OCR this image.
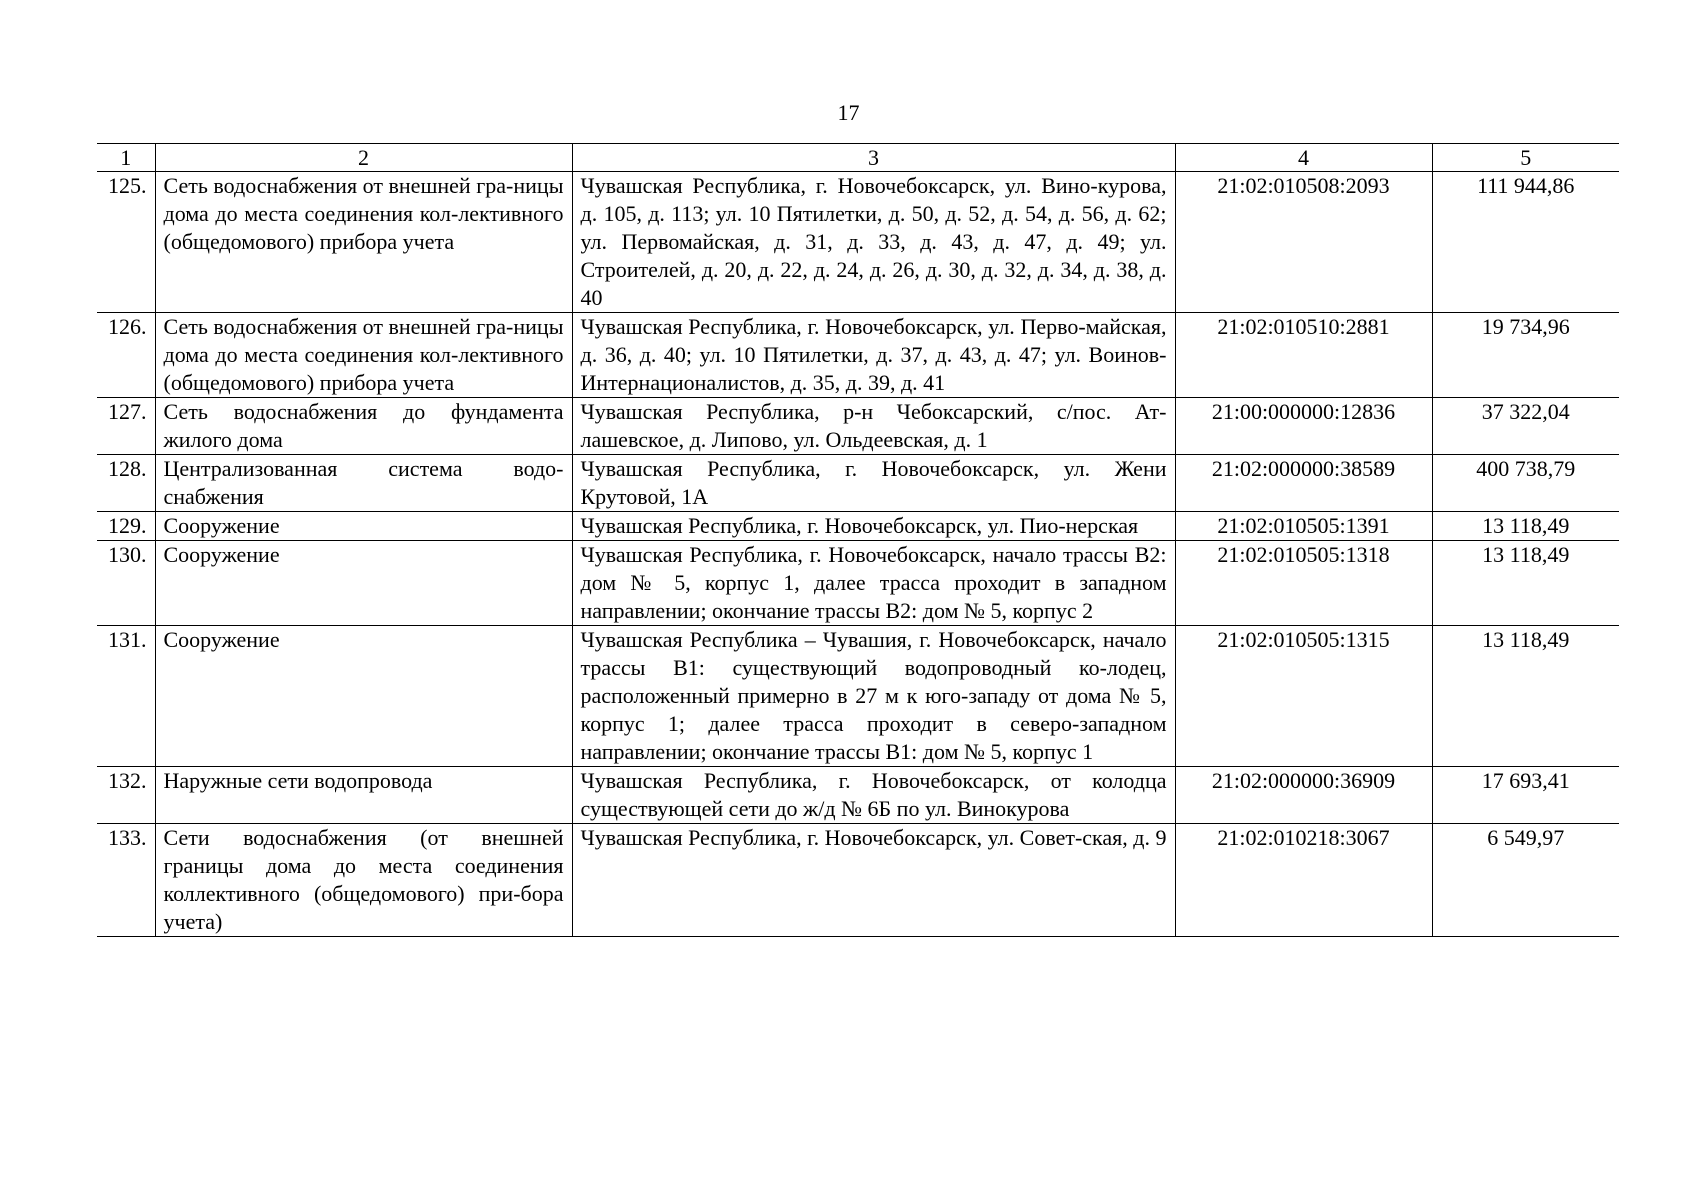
17
1	2	3	4	5
125.	Сеть водоснабжения от внешней гра-ницы дома до места соединения кол-лективного (общедомового) прибора учета	Чувашская Республика, г. Новочебоксарск, ул. Вино-курова, д. 105, д. 113; ул. 10 Пятилетки, д. 50, д. 52, д. 54, д. 56, д. 62; ул. Первомайская, д. 31, д. 33, д. 43, д. 47, д. 49; ул. Строителей, д. 20, д. 22, д. 24, д. 26, д. 30, д. 32, д. 34, д. 38, д. 40	21:02:010508:2093	111 944,86
126.	Сеть водоснабжения от внешней гра-ницы дома до места соединения кол-лективного (общедомового) прибора учета	Чувашская Республика, г. Новочебоксарск, ул. Перво-майская, д. 36, д. 40; ул. 10 Пятилетки, д. 37, д. 43, д. 47; ул. Воинов-Интернационалистов, д. 35, д. 39, д. 41	21:02:010510:2881	19 734,96
127.	Сеть водоснабжения до фундамента жилого дома	Чувашская Республика, р-н Чебоксарский, с/пос. Ат-лашевское, д. Липово, ул. Ольдеевская, д. 1	21:00:000000:12836	37 322,04
128.	Централизованная система водо-снабжения	Чувашская Республика, г. Новочебоксарск, ул. Жени Крутовой, 1А	21:02:000000:38589	400 738,79
129.	Сооружение	Чувашская Республика, г. Новочебоксарск, ул. Пио-нерская	21:02:010505:1391	13 118,49
130.	Сооружение	Чувашская Республика, г. Новочебоксарск, начало трассы В2: дом № 5, корпус 1, далее трасса проходит в западном направлении; окончание трассы В2: дом № 5, корпус 2	21:02:010505:1318	13 118,49
131.	Сооружение	Чувашская Республика – Чувашия, г. Новочебоксарск, начало трассы В1: существующий водопроводный ко-лодец, расположенный примерно в 27 м к юго-западу от дома № 5, корпус 1; далее трасса проходит в северо-западном направлении; окончание трассы В1: дом № 5, корпус 1	21:02:010505:1315	13 118,49
132.	Наружные сети водопровода	Чувашская Республика, г. Новочебоксарск, от колодца существующей сети до ж/д № 6Б по ул. Винокурова	21:02:000000:36909	17 693,41
133.	Сети водоснабжения (от внешней границы дома до места соединения коллективного (общедомового) при-бора учета)	Чувашская Республика, г. Новочебоксарск, ул. Совет-ская, д. 9	21:02:010218:3067	6 549,97
